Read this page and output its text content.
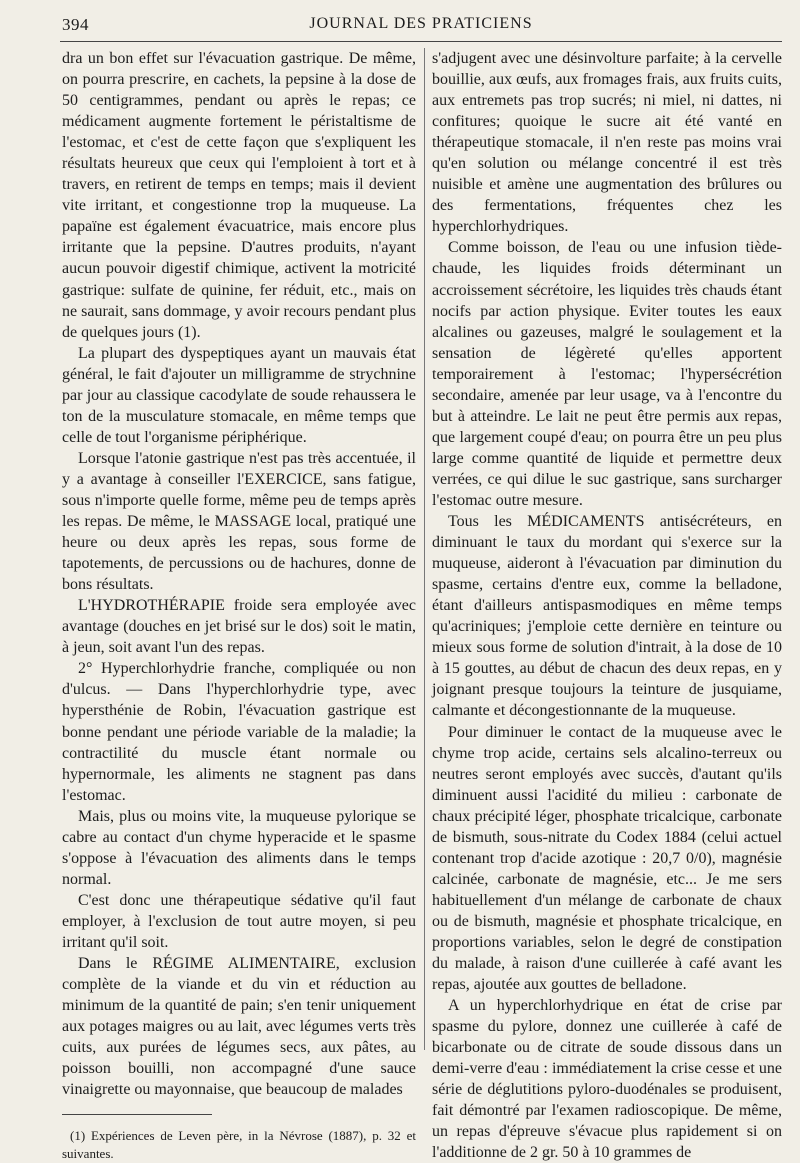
394	JOURNAL DES PRATICIENS

dra un bon effet sur l'évacuation gastrique. De même, on pourra prescrire, en cachets, la pepsine à la dose de 50 centigrammes, pendant ou après le repas; ce médicament augmente fortement le péristaltisme de l'estomac, et c'est de cette façon que s'expliquent les résultats heureux que ceux qui l'emploient à tort et à travers, en retirent de temps en temps; mais il devient vite irritant, et congestionne trop la muqueuse. La papaïne est également évacuatrice, mais encore plus irritante que la pepsine. D'autres produits, n'ayant aucun pouvoir digestif chimique, activent la motricité gastrique: sulfate de quinine, fer réduit, etc., mais on ne saurait, sans dommage, y avoir recours pendant plus de quelques jours (1).

La plupart des dyspeptiques ayant un mauvais état général, le fait d'ajouter un milligramme de strychnine par jour au classique cacodylate de soude rehaussera le ton de la musculature stomacale, en même temps que celle de tout l'organisme périphérique.

Lorsque l'atonie gastrique n'est pas très accentuée, il y a avantage à conseiller l'EXERCICE, sans fatigue, sous n'importe quelle forme, même peu de temps après les repas. De même, le MASSAGE local, pratiqué une heure ou deux après les repas, sous forme de tapotements, de percussions ou de hachures, donne de bons résultats.

L'HYDROTHÉRAPIE froide sera employée avec avantage (douches en jet brisé sur le dos) soit le matin, à jeun, soit avant l'un des repas.

2° Hyperchlorhydrie franche, compliquée ou non d'ulcus. — Dans l'hyperchlorhydrie type, avec hypersthénie de Robin, l'évacuation gastrique est bonne pendant une période variable de la maladie; la contractilité du muscle étant normale ou hypernormale, les aliments ne stagnent pas dans l'estomac.

Mais, plus ou moins vite, la muqueuse pylorique se cabre au contact d'un chyme hyperacide et le spasme s'oppose à l'évacuation des aliments dans le temps normal.

C'est donc une thérapeutique sédative qu'il faut employer, à l'exclusion de tout autre moyen, si peu irritant qu'il soit.

Dans le RÉGIME ALIMENTAIRE, exclusion complète de la viande et du vin et réduction au minimum de la quantité de pain; s'en tenir uniquement aux potages maigres ou au lait, avec légumes verts très cuits, aux purées de légumes secs, aux pâtes, au poisson bouilli, non accompagné d'une sauce vinaigrette ou mayonnaise, que beaucoup de malades

(1) Expériences de Leven père, in la Névrose (1887), p. 32 et suivantes.

s'adjugent avec une désinvolture parfaite; à la cervelle bouillie, aux œufs, aux fromages frais, aux fruits cuits, aux entremets pas trop sucrés; ni miel, ni dattes, ni confitures; quoique le sucre ait été vanté en thérapeutique stomacale, il n'en reste pas moins vrai qu'en solution ou mélange concentré il est très nuisible et amène une augmentation des brûlures ou des fermentations, fréquentes chez les hyperchlorhydriques.

Comme boisson, de l'eau ou une infusion tiède-chaude, les liquides froids déterminant un accroissement sécrétoire, les liquides très chauds étant nocifs par action physique. Eviter toutes les eaux alcalines ou gazeuses, malgré le soulagement et la sensation de légèreté qu'elles apportent temporairement à l'estomac; l'hypersécrétion secondaire, amenée par leur usage, va à l'encontre du but à atteindre. Le lait ne peut être permis aux repas, que largement coupé d'eau; on pourra être un peu plus large comme quantité de liquide et permettre deux verrées, ce qui dilue le suc gastrique, sans surcharger l'estomac outre mesure.

Tous les MÉDICAMENTS antisécréteurs, en diminuant le taux du mordant qui s'exerce sur la muqueuse, aideront à l'évacuation par diminution du spasme, certains d'entre eux, comme la belladone, étant d'ailleurs antispasmodiques en même temps qu'acriniques; j'emploie cette dernière en teinture ou mieux sous forme de solution d'intrait, à la dose de 10 à 15 gouttes, au début de chacun des deux repas, en y joignant presque toujours la teinture de jusquiame, calmante et décongestionnante de la muqueuse.

Pour diminuer le contact de la muqueuse avec le chyme trop acide, certains sels alcalino-terreux ou neutres seront employés avec succès, d'autant qu'ils diminuent aussi l'acidité du milieu : carbonate de chaux précipité léger, phosphate tricalcique, carbonate de bismuth, sous-nitrate du Codex 1884 (celui actuel contenant trop d'acide azotique : 20,7 0/0), magnésie calcinée, carbonate de magnésie, etc... Je me sers habituellement d'un mélange de carbonate de chaux ou de bismuth, magnésie et phosphate tricalcique, en proportions variables, selon le degré de constipation du malade, à raison d'une cuillerée à café avant les repas, ajoutée aux gouttes de belladone.

A un hyperchlorhydrique en état de crise par spasme du pylore, donnez une cuillerée à café de bicarbonate ou de citrate de soude dissous dans un demi-verre d'eau : immédiatement la crise cesse et une série de déglutitions pyloro-duodénales se produisent, fait démontré par l'examen radioscopique. De même, un repas d'épreuve s'évacue plus rapidement si on l'additionne de 2 gr. 50 à 10 grammes de
